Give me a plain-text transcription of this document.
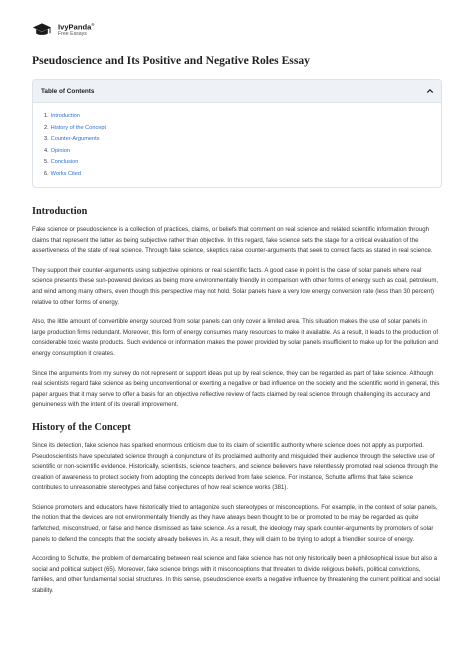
IvyPanda®
Free Essays
Pseudoscience and Its Positive and Negative Roles Essay
Table of Contents
1. Introduction
2. History of the Concept
3. Counter-Arguments
4. Opinion
5. Conclusion
6. Works Cited
Introduction

Fake science or pseudoscience is a collection of practices, claims, or beliefs that comment on real science and related scientific information through claims that represent the latter as being subjective rather than objective. In this regard, fake science sets the stage for a critical evaluation of the assertiveness of the state of real science. Through fake science, skeptics raise counter-arguments that seek to correct facts as stated in real science.

They support their counter-arguments using subjective opinions or real scientific facts. A good case in point is the case of solar panels where real science presents these sun-powered devices as being more environmentally friendly in comparison with other forms of energy such as coal, petroleum, and wind among many others, even though this perspective may not hold. Solar panels have a very low energy conversion rate (less than 30 percent) relative to other forms of energy.

Also, the little amount of convertible energy sourced from solar panels can only cover a limited area. This situation makes the use of solar panels in large production firms redundant. Moreover, this form of energy consumes many resources to make it available. As a result, it leads to the production of considerable toxic waste products. Such evidence or information makes the power provided by solar panels insufficient to make up for the pollution and energy consumption it creates.

Since the arguments from my survey do not represent or support ideas put up by real science, they can be regarded as part of fake science. Although real scientists regard fake science as being unconventional or exerting a negative or bad influence on the society and the scientific world in general, this paper argues that it may serve to offer a basis for an objective reflective review of facts claimed by real science through challenging its accuracy and genuineness with the intent of its overall improvement.

History of the Concept

Since its detection, fake science has sparked enormous criticism due to its claim of scientific authority where science does not apply as purported. Pseudoscientists have speculated science through a conjuncture of its proclaimed authority and misguided their audience through the selective use of scientific or non-scientific evidence. Historically, scientists, science teachers, and science believers have relentlessly promoted real science through the creation of awareness to protect society from adopting the concepts derived from fake science. For instance, Schutte affirms that fake science contributes to unreasonable stereotypes and false conjectures of how real science works (381).

Science promoters and educators have historically tried to antagonize such stereotypes or misconceptions. For example, in the context of solar panels, the notion that the devices are not environmentally friendly as they have always been thought to be or promoted to be may be regarded as quite farfetched, misconstrued, or false and hence dismissed as fake science. As a result, the ideology may spark counter-arguments by promoters of solar panels to defend the concepts that the society already believes in. As a result, they will claim to be trying to adopt a friendlier source of energy.

According to Schutte, the problem of demarcating between real science and fake science has not only historically been a philosophical issue but also a social and political subject (65). Moreover, fake science brings with it misconceptions that threaten to divide religious beliefs, political convictions, families, and other fundamental social structures. In this sense, pseudoscience exerts a negative influence by threatening the current political and social stability.
